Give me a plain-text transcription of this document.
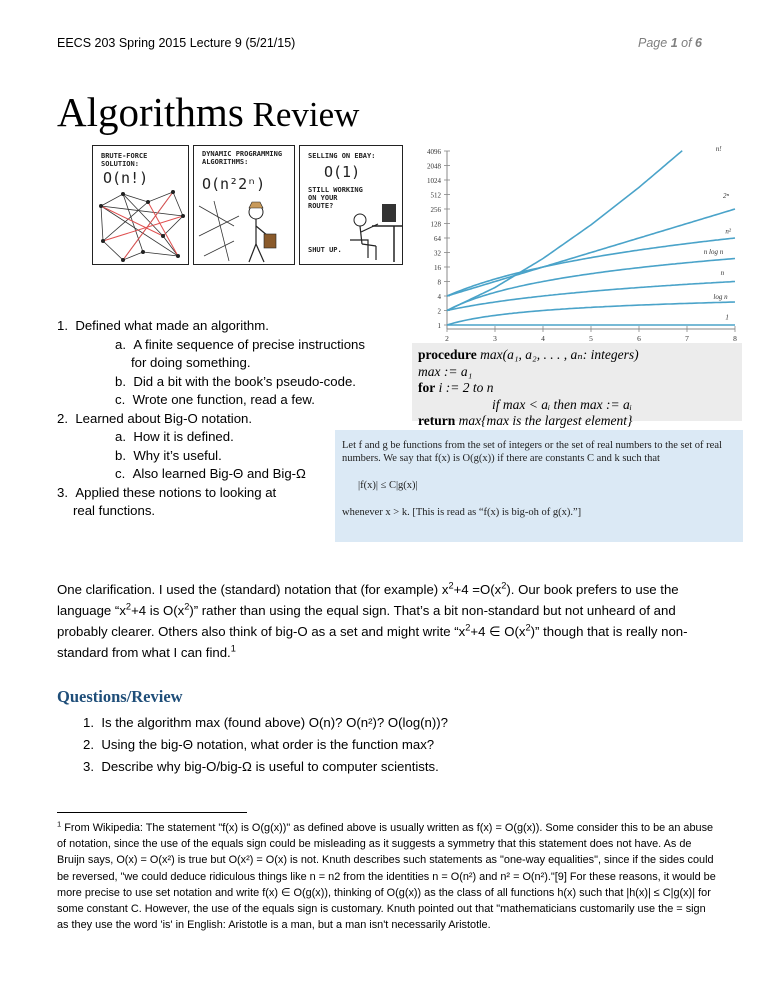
EECS 203 Spring 2015 Lecture 9 (5/21/15)	Page 1 of 6
Algorithms Review
BRUTE-FORCE SOLUTION:
O(n!)
DYNAMIC PROGRAMMING ALGORITHMS:
O(n²2ⁿ)
SELLING ON EBAY:
O(1)
STILL WORKING ON YOUR ROUTE?
SHUT UP.
1
2
4
8
16
32
64
128
256
512
1024
2048
4096
2	3	4	5	6	7	8
n!
2ⁿ
n²
n log n
n
log n
1
1. Defined what made an algorithm.
a. A finite sequence of precise instructions
for doing something.
b. Did a bit with the book’s pseudo-code.
c. Wrote one function, read a few.
2. Learned about Big-O notation.
a. How it is defined.
b. Why it’s useful.
c. Also learned Big-Θ and Big-Ω
3. Applied these notions to looking at
real functions.
procedure max(a₁, a₂, . . . , aₙ: integers)
max := a₁
for i := 2 to n
if max < aᵢ then max := aᵢ
return max{max is the largest element}
Let f and g be functions from the set of integers or the set of real numbers to the set of real
numbers. We say that f(x) is O(g(x)) if there are constants C and k such that
|f(x)| ≤ C|g(x)|
whenever x > k. [This is read as “f(x) is big-oh of g(x).”]
One clarification. I used the (standard) notation that (for example) $x^2+4 =O(x^2)$. Our book prefers to use the language “$x^2+4$ is $O(x^2)$” rather than using the equal sign. That’s a bit non-standard but not unheard of and probably clearer. Others also think of big-O as a set and might write “$x^2+4$ ∈ $O(x^2)$” though that is really non-standard from what I can find.$^1$
Questions/Review
1. Is the algorithm max (found above) O(n)? O(n²)? O(log(n))?
2. Using the big-Θ notation, what order is the function max?
3. Describe why big-O/big-Ω is useful to computer scientists.
$^1$ From Wikipedia: The statement "f(x) is O(g(x))" as defined above is usually written as f(x) = O(g(x)). Some consider this to be an abuse of notation, since the use of the equals sign could be misleading as it suggests a symmetry that this statement does not have. As de Bruijn says, O(x) = O(x²) is true but O(x²) = O(x) is not. Knuth describes such statements as "one-way equalities", since if the sides could be reversed, "we could deduce ridiculous things like n = n2 from the identities n = O(n²) and n² = O(n²)."[9] For these reasons, it would be more precise to use set notation and write f(x) ∈ O(g(x)), thinking of O(g(x)) as the class of all functions h(x) such that |h(x)| ≤ C|g(x)| for some constant C. However, the use of the equals sign is customary. Knuth pointed out that "mathematicians customarily use the = sign as they use the word 'is' in English: Aristotle is a man, but a man isn't necessarily Aristotle.
